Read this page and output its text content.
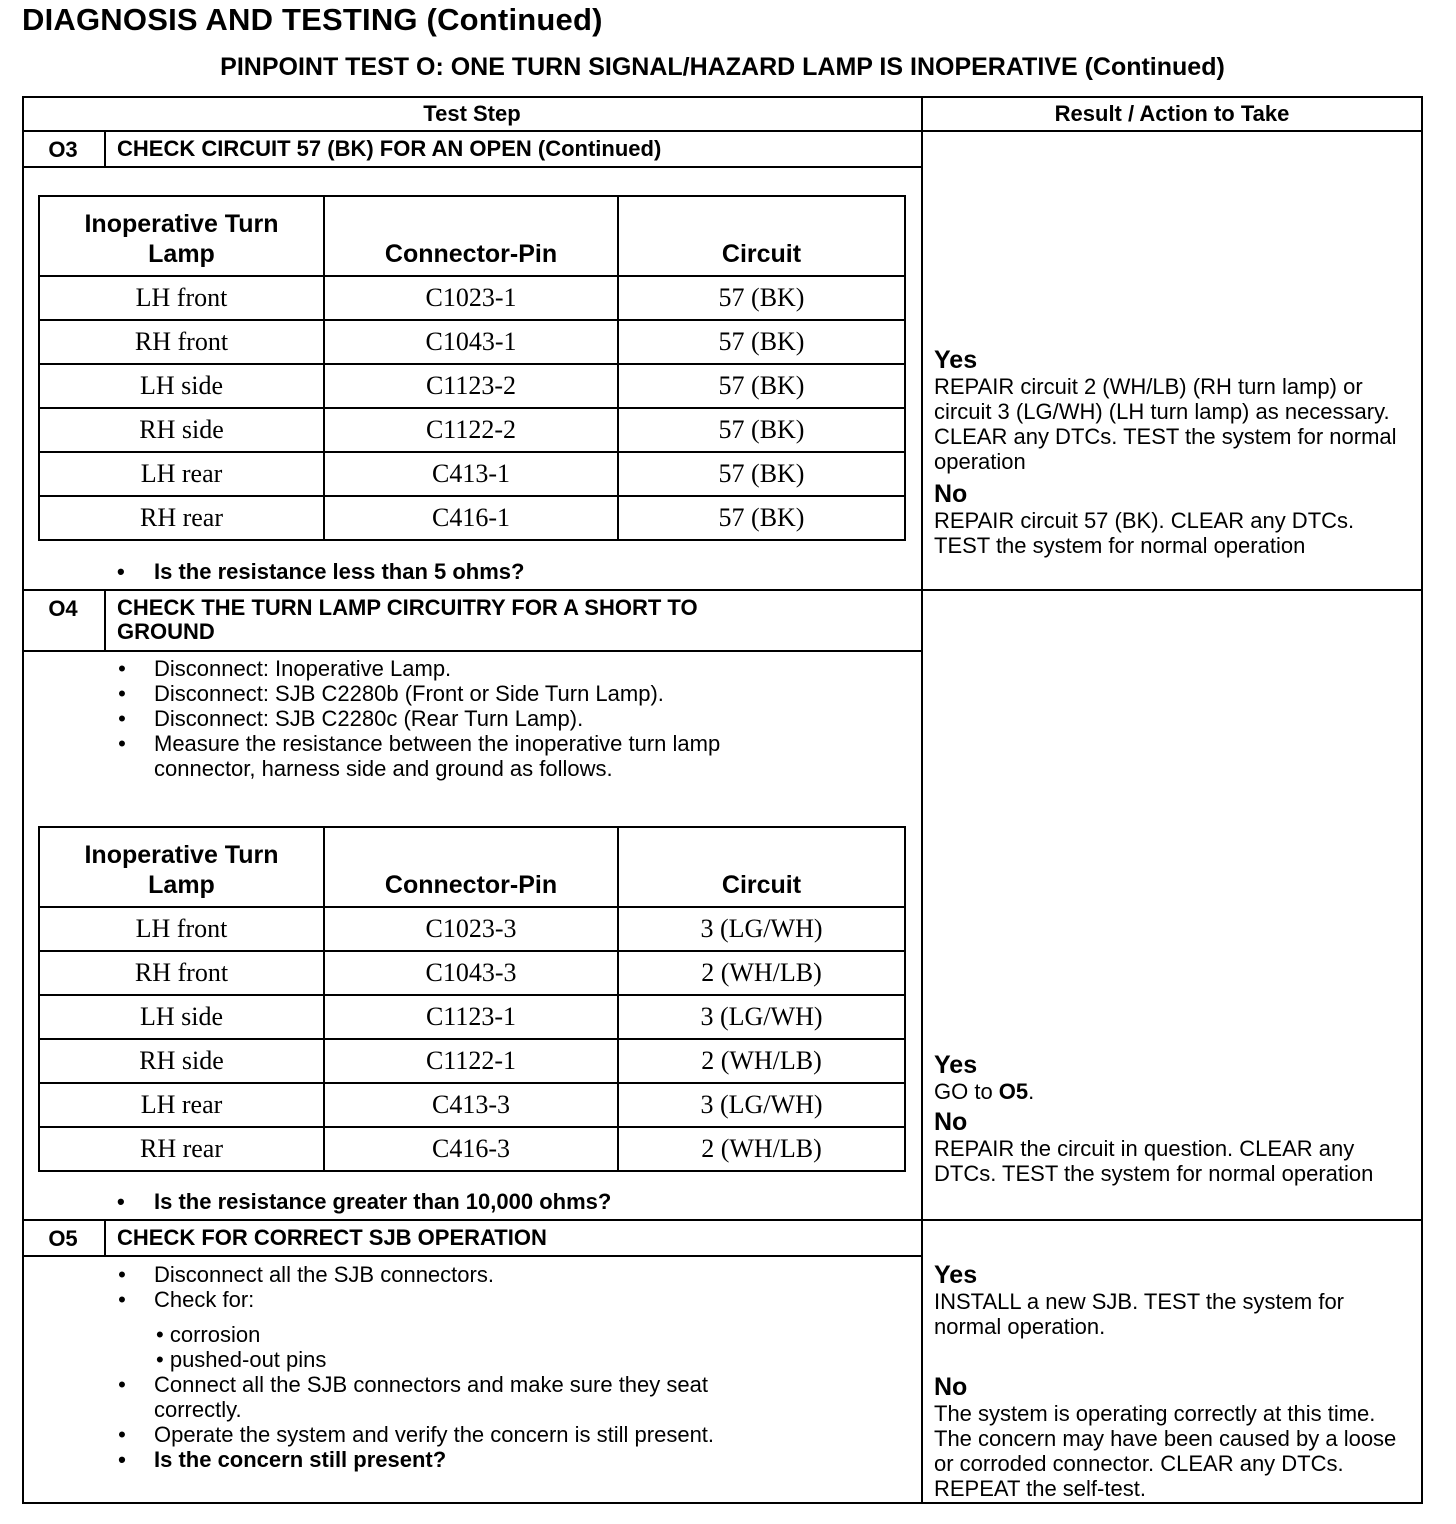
DIAGNOSIS AND TESTING (Continued)
PINPOINT TEST O: ONE TURN SIGNAL/HAZARD LAMP IS INOPERATIVE (Continued)
Test Step	Result / Action to Take
O3	CHECK CIRCUIT 57 (BK) FOR AN OPEN (Continued)
Inoperative Turn Lamp	Connector-Pin	Circuit
LH front	C1023-1	57 (BK)
RH front	C1043-1	57 (BK)
LH side	C1123-2	57 (BK)
RH side	C1122-2	57 (BK)
LH rear	C413-1	57 (BK)
RH rear	C416-1	57 (BK)
• Is the resistance less than 5 ohms?
Yes
REPAIR circuit 2 (WH/LB) (RH turn lamp) or circuit 3 (LG/WH) (LH turn lamp) as necessary. CLEAR any DTCs. TEST the system for normal operation
No
REPAIR circuit 57 (BK). CLEAR any DTCs. TEST the system for normal operation
O4	CHECK THE TURN LAMP CIRCUITRY FOR A SHORT TO
GROUND
• Disconnect: Inoperative Lamp.
• Disconnect: SJB C2280b (Front or Side Turn Lamp).
• Disconnect: SJB C2280c (Rear Turn Lamp).
• Measure the resistance between the inoperative turn lamp
connector, harness side and ground as follows.
Inoperative Turn Lamp	Connector-Pin	Circuit
LH front	C1023-3	3 (LG/WH)
RH front	C1043-3	2 (WH/LB)
LH side	C1123-1	3 (LG/WH)
RH side	C1122-1	2 (WH/LB)
LH rear	C413-3	3 (LG/WH)
RH rear	C416-3	2 (WH/LB)
• Is the resistance greater than 10,000 ohms?
Yes
GO to O5.
No
REPAIR the circuit in question. CLEAR any DTCs. TEST the system for normal operation
O5	CHECK FOR CORRECT SJB OPERATION
• Disconnect all the SJB connectors.
• Check for:
• corrosion
• pushed-out pins
• Connect all the SJB connectors and make sure they seat
correctly.
• Operate the system and verify the concern is still present.
• Is the concern still present?
Yes
INSTALL a new SJB. TEST the system for normal operation.
No
The system is operating correctly at this time. The concern may have been caused by a loose or corroded connector. CLEAR any DTCs. REPEAT the self-test.
